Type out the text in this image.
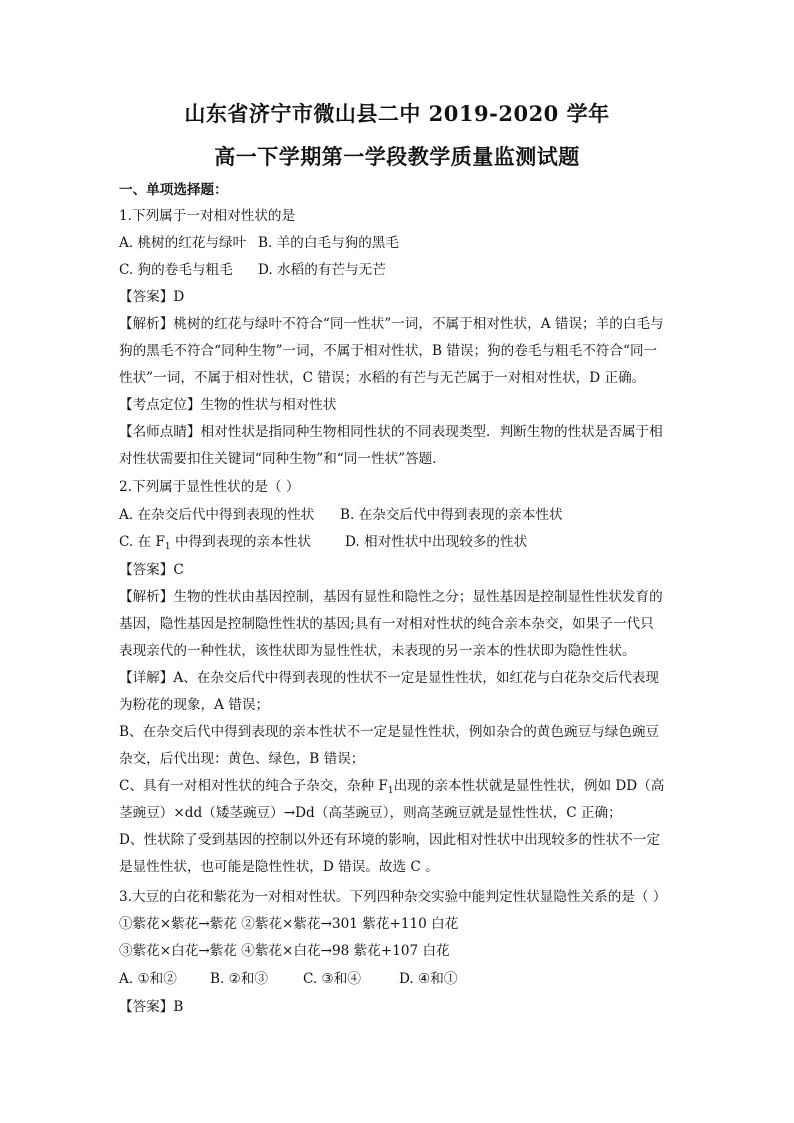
山东省济宁市微山县二中 2019-2020 学年
高一下学期第一学段教学质量监测试题
一、单项选择题：
1.下列属于一对相对性状的是
A. 桃树的红花与绿叶 B. 羊的白毛与狗的黑毛
C. 狗的卷毛与粗毛 D. 水稻的有芒与无芒
【答案】D
【解析】桃树的红花与绿叶不符合“同一性状”一词，不属于相对性状，A 错误；羊的白毛与
狗的黑毛不符合“同种生物”一词，不属于相对性状，B 错误；狗的卷毛与粗毛不符合“同一
性状”一词，不属于相对性状，C 错误；水稻的有芒与无芒属于一对相对性状，D 正确。
【考点定位】生物的性状与相对性状
【名师点睛】相对性状是指同种生物相同性状的不同表现类型．判断生物的性状是否属于相
对性状需要扣住关键词“同种生物”和“同一性状”答题．
2.下列属于显性性状的是（ ）
A. 在杂交后代中得到表现的性状 B. 在杂交后代中得到表现的亲本性状
C. 在 $F_1$ 中得到表现的亲本性状	D. 相对性状中出现较多的性状
【答案】C
【解析】生物的性状由基因控制，基因有显性和隐性之分；显性基因是控制显性性状发育的
基因，隐性基因是控制隐性性状的基因;具有一对相对性状的纯合亲本杂交，如果子一代只
表现亲代的一种性状，该性状即为显性性状，未表现的另一亲本的性状即为隐性性状。
【详解】A、在杂交后代中得到表现的性状不一定是显性性状，如红花与白花杂交后代表现
为粉花的现象，A 错误；
B、在杂交后代中得到表现的亲本性状不一定是显性性状，例如杂合的黄色豌豆与绿色豌豆
杂交，后代出现：黄色、绿色，B 错误；
C、具有一对相对性状的纯合子杂交，杂种 $F_1$出现的亲本性状就是显性性状，例如 DD（高
茎豌豆）×dd（矮茎豌豆）→Dd（高茎豌豆），则高茎豌豆就是显性性状，C 正确；
D、性状除了受到基因的控制以外还有环境的影响，因此相对性状中出现较多的性状不一定
是显性性状，也可能是隐性性状，D 错误。故选 C 。
3.大豆的白花和紫花为一对相对性状。下列四种杂交实验中能判定性状显隐性关系的是（ ）
①紫花×紫花→紫花 ②紫花×紫花→301 紫花+110 白花
③紫花×白花→紫花 ④紫花×白花→98 紫花+107 白花
A. ①和② B. ②和③	C. ③和④	D. ④和①
【答案】B
